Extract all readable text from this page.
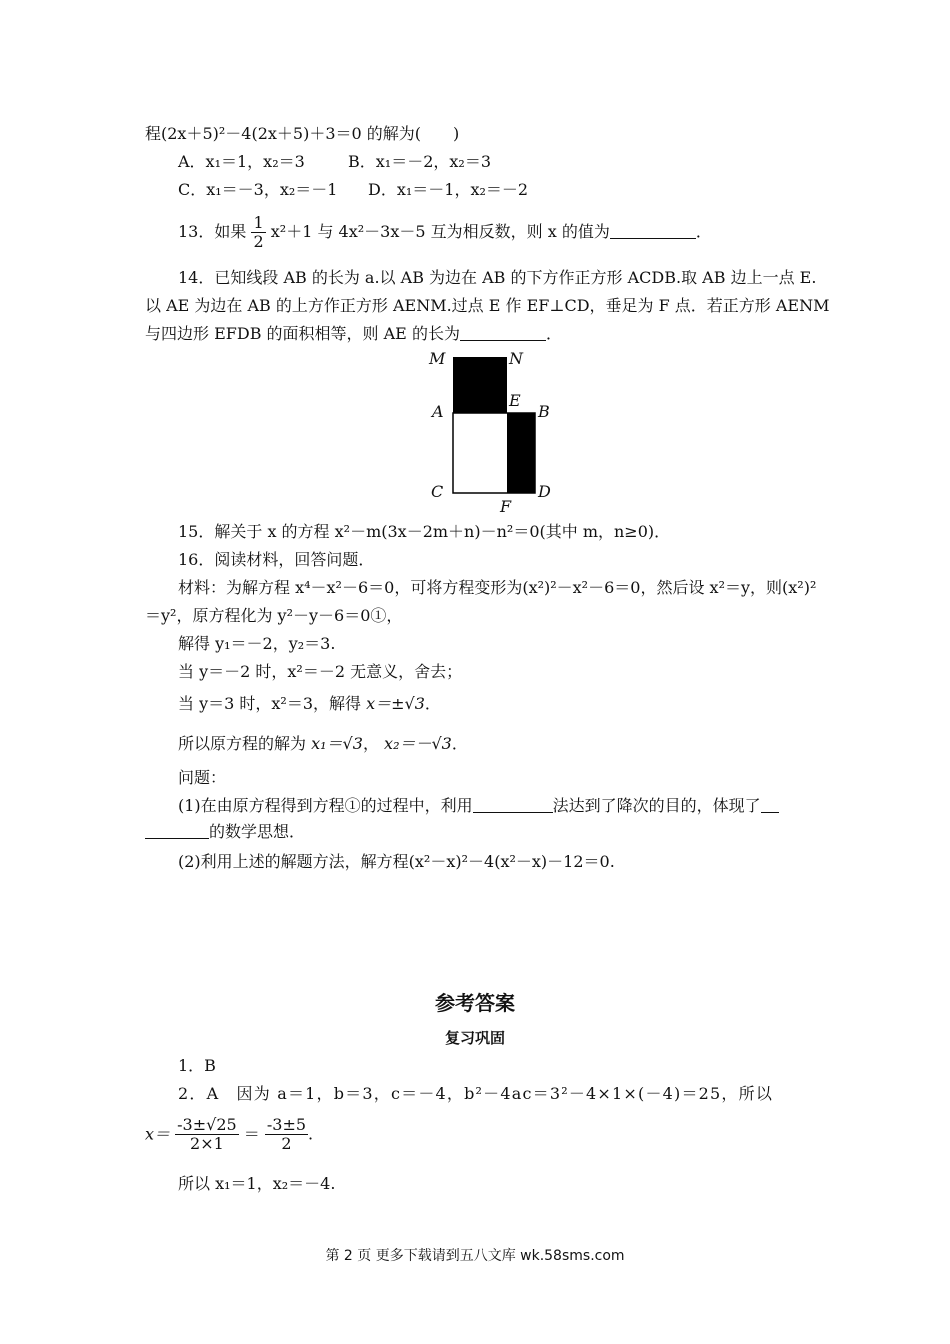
程(2x＋5)²－4(2x＋5)＋3＝0 的解为(　　)
A．x₁＝1，x₂＝3	B．x₁＝－2，x₂＝3
C．x₁＝－3，x₂＝－1 D．x₁＝－1，x₂＝－2
13．如果 $\frac{1}{2} x^2+1$ 与 4x²－3x－5 互为相反数，则 x 的值为	．
14．已知线段 AB 的长为 a.以 AB 为边在 AB 的下方作正方形 ACDB.取 AB 边上一点 E.
以 AE 为边在 AB 的上方作正方形 AENM.过点 E 作 EF⊥CD，垂足为 F 点．若正方形 AENM
与四边形 EFDB 的面积相等，则 AE 的长为	．
M	N
A
E
B
C
F
D
15．解关于 x 的方程 x²－m(3x－2m＋n)－n²＝0(其中 m，n≥0)．
16．阅读材料，回答问题．
材料：为解方程 x⁴－x²－6＝0，可将方程变形为(x²)²－x²－6＝0，然后设 x²＝y，则(x²)²
＝y²，原方程化为 y²－y－6＝0①，
解得 y₁＝－2，y₂＝3.
当 y＝－2 时，x²＝－2 无意义，舍去；
当 y＝3 时，x²＝3，解得 x＝±√3．
所以原方程的解为 x₁＝√3， x₂＝－√3．
问题：
(1)在由原方程得到方程①的过程中，利用	法达到了降次的目的，体现了
的数学思想．
(2)利用上述的解题方法，解方程(x²－x)²－4(x²－x)－12＝0.
参考答案
复习巩固
1．B
2．A　因为 a＝1，b＝3，c＝－4，b²－4ac＝3²－4×1×(－4)＝25，所以
$x= \frac{-3\pm√25}{2\times 1} = \frac{-3\pm 5}{2}$ .
所以 x₁＝1，x₂＝－4.
第 2 页 更多下载请到五八文库 wk.58sms.com
